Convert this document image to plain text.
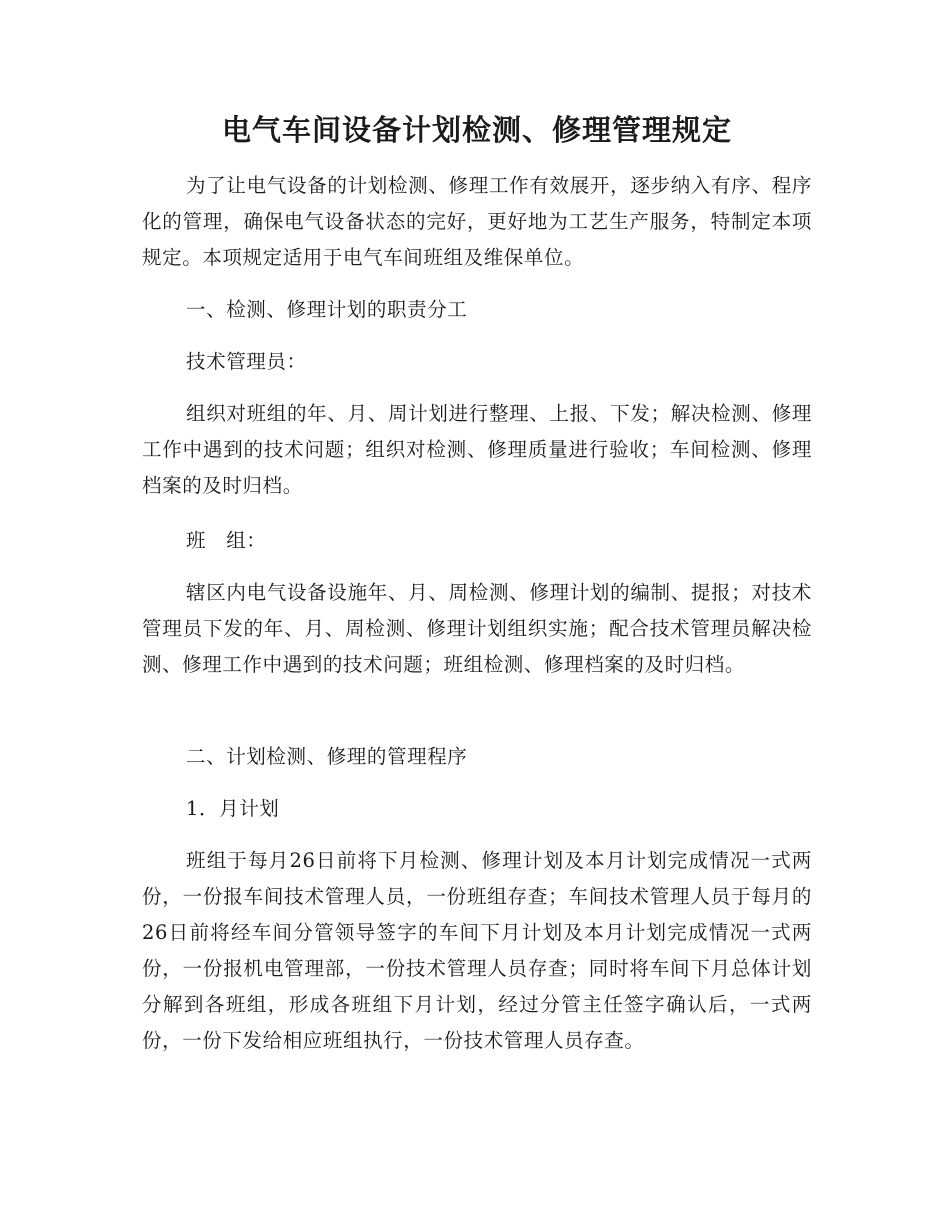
电气车间设备计划检测、修理管理规定

为了让电气设备的计划检测、修理工作有效展开，逐步纳入有序、程序化的管理，确保电气设备状态的完好，更好地为工艺生产服务，特制定本项规定。本项规定适用于电气车间班组及维保单位。

一、检测、修理计划的职责分工

技术管理员：

组织对班组的年、月、周计划进行整理、上报、下发；解决检测、修理工作中遇到的技术问题；组织对检测、修理质量进行验收；车间检测、修理档案的及时归档。

班　组：

辖区内电气设备设施年、月、周检测、修理计划的编制、提报；对技术管理员下发的年、月、周检测、修理计划组织实施；配合技术管理员解决检测、修理工作中遇到的技术问题；班组检测、修理档案的及时归档。

二、计划检测、修理的管理程序

1．月计划

班组于每月26日前将下月检测、修理计划及本月计划完成情况一式两份，一份报车间技术管理人员，一份班组存查；车间技术管理人员于每月的26日前将经车间分管领导签字的车间下月计划及本月计划完成情况一式两份，一份报机电管理部，一份技术管理人员存查；同时将车间下月总体计划分解到各班组，形成各班组下月计划，经过分管主任签字确认后，一式两份，一份下发给相应班组执行，一份技术管理人员存查。
